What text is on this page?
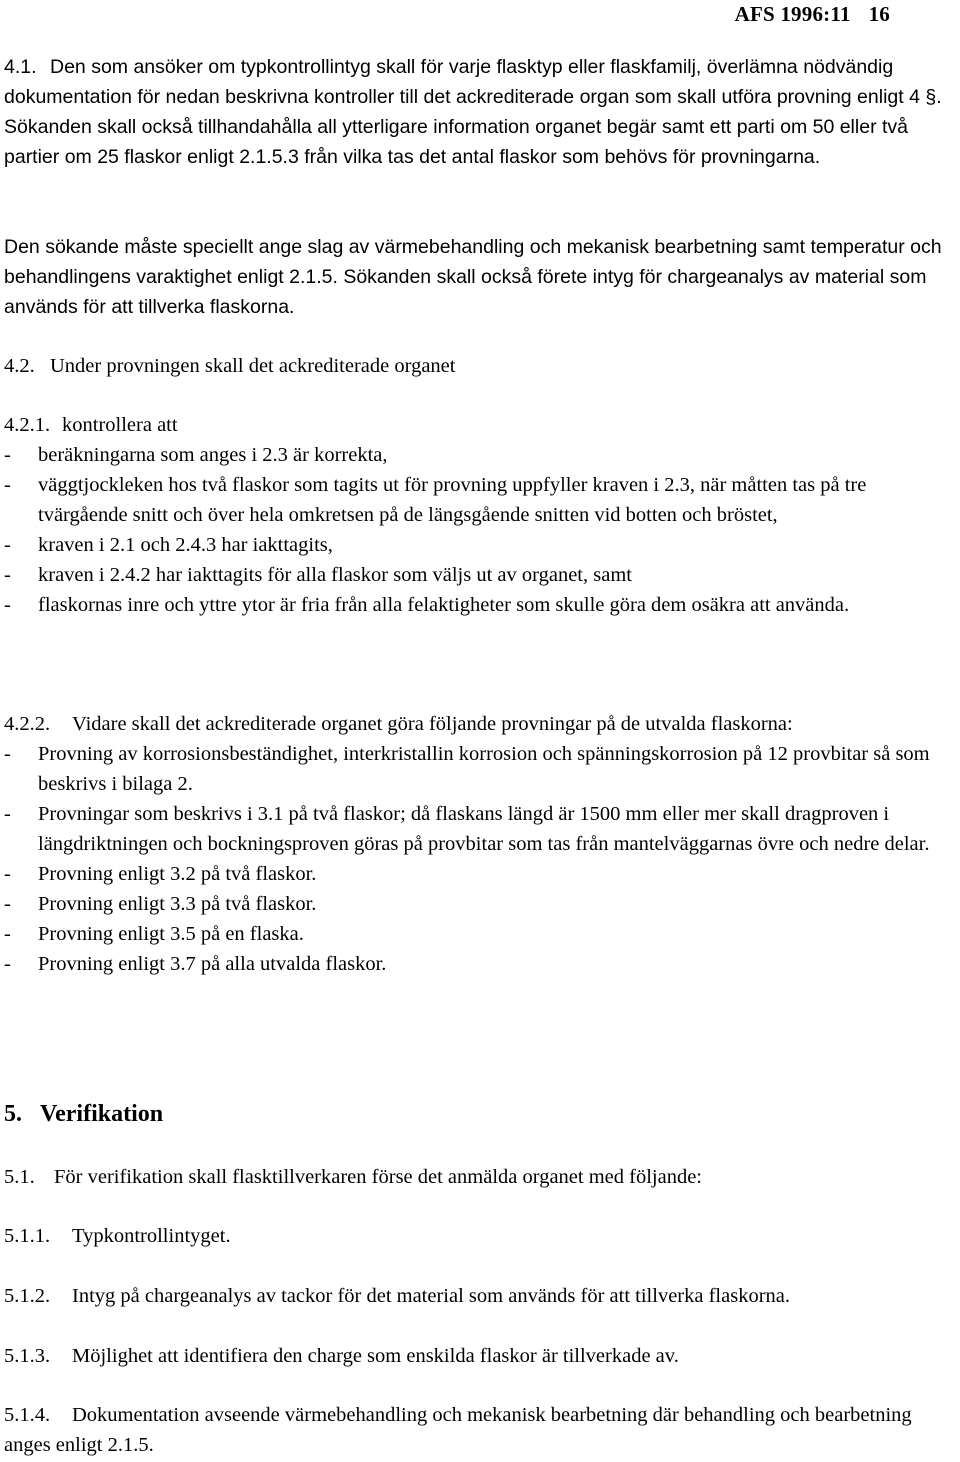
AFS 1996:11 16
4.1. Den som ansöker om typkontrollintyg skall för varje flasktyp eller flaskfamilj, överlämna nödvändig dokumentation för nedan beskrivna kontroller till det ackrediterade organ som skall utföra provning enligt 4 §. Sökanden skall också tillhandahålla all ytterligare information organet begär samt ett parti om 50 eller två partier om 25 flaskor enligt 2.1.5.3 från vilka tas det antal flaskor som behövs för provningarna.
Den sökande måste speciellt ange slag av värmebehandling och mekanisk bearbetning samt temperatur och behandlingens varaktighet enligt 2.1.5. Sökanden skall också förete intyg för chargeanalys av material som används för att tillverka flaskorna.
4.2. Under provningen skall det ackrediterade organet
4.2.1. kontrollera att
-	beräkningarna som anges i 2.3 är korrekta,
-	väggtjockleken hos två flaskor som tagits ut för provning uppfyller kraven i 2.3, när måtten tas på tre tvärgående snitt och över hela omkretsen på de längsgående snitten vid botten och bröstet,
-	kraven i 2.1 och 2.4.3 har iakttagits,
-	kraven i 2.4.2 har iakttagits för alla flaskor som väljs ut av organet, samt
-	flaskornas inre och yttre ytor är fria från alla felaktigheter som skulle göra dem osäkra att använda.
4.2.2. Vidare skall det ackrediterade organet göra följande provningar på de utvalda flaskorna:
-	Provning av korrosionsbeständighet, interkristallin korrosion och spänningskorrosion på 12 provbitar så som beskrivs i bilaga 2.
-	Provningar som beskrivs i 3.1 på två flaskor; då flaskans längd är 1500 mm eller mer skall dragproven i längdriktningen och bockningsproven göras på provbitar som tas från mantelväggarnas övre och nedre delar.
-	Provning enligt 3.2 på två flaskor.
-	Provning enligt 3.3 på två flaskor.
-	Provning enligt 3.5 på en flaska.
-	Provning enligt 3.7 på alla utvalda flaskor.
5. Verifikation
5.1. För verifikation skall flasktillverkaren förse det anmälda organet med följande:
5.1.1. Typkontrollintyget.
5.1.2. Intyg på chargeanalys av tackor för det material som används för att tillverka flaskorna.
5.1.3. Möjlighet att identifiera den charge som enskilda flaskor är tillverkade av.
5.1.4. Dokumentation avseende värmebehandling och mekanisk bearbetning där behandling och bearbetning anges enligt 2.1.5.
